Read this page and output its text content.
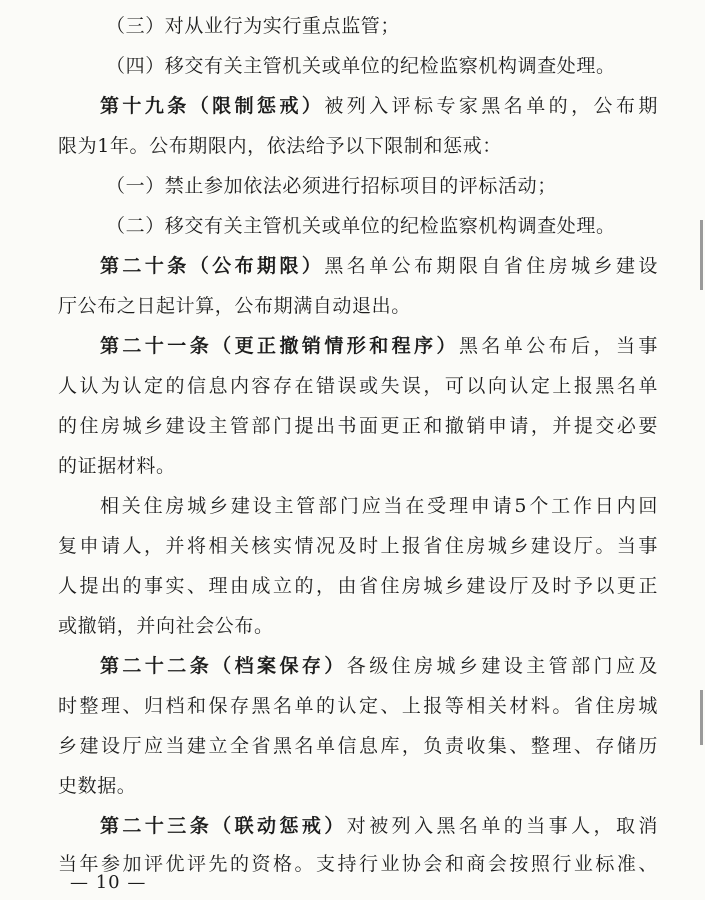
（三）对从业行为实行重点监管；
（四）移交有关主管机关或单位的纪检监察机构调查处理。
第十九条（限制惩戒）被列入评标专家黑名单的，公布期
限为1年。公布期限内，依法给予以下限制和惩戒：
（一）禁止参加依法必须进行招标项目的评标活动；
（二）移交有关主管机关或单位的纪检监察机构调查处理。
第二十条（公布期限）黑名单公布期限自省住房城乡建设
厅公布之日起计算，公布期满自动退出。
第二十一条（更正撤销情形和程序）黑名单公布后，当事
人认为认定的信息内容存在错误或失误，可以向认定上报黑名单
的住房城乡建设主管部门提出书面更正和撤销申请，并提交必要
的证据材料。
相关住房城乡建设主管部门应当在受理申请5个工作日内回
复申请人，并将相关核实情况及时上报省住房城乡建设厅。当事
人提出的事实、理由成立的，由省住房城乡建设厅及时予以更正
或撤销，并向社会公布。
第二十二条（档案保存）各级住房城乡建设主管部门应及
时整理、归档和保存黑名单的认定、上报等相关材料。省住房城
乡建设厅应当建立全省黑名单信息库，负责收集、整理、存储历
史数据。
第二十三条（联动惩戒）对被列入黑名单的当事人，取消
当年参加评优评先的资格。支持行业协会和商会按照行业标准、
— 10 —
